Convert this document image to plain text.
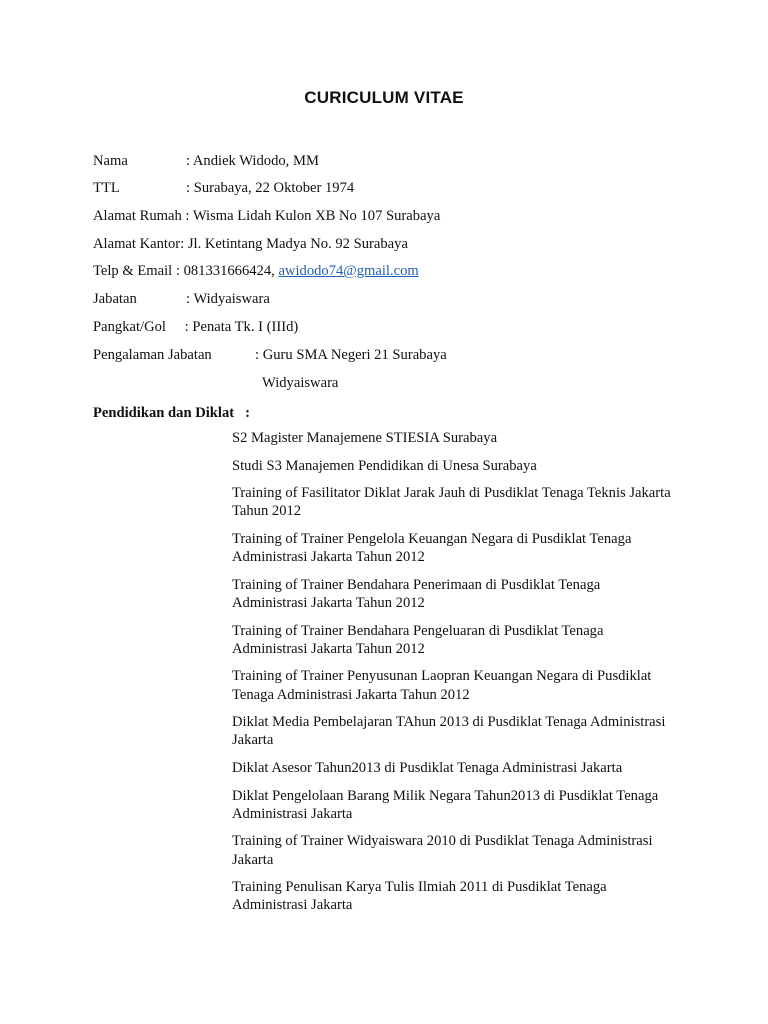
CURICULUM VITAE
Nama	: Andiek Widodo, MM
TTL	: Surabaya, 22 Oktober 1974
Alamat Rumah : Wisma Lidah Kulon XB No 107 Surabaya
Alamat Kantor: Jl. Ketintang Madya No. 92 Surabaya
Telp & Email : 081331666424, awidodo74@gmail.com
Jabatan	: Widyaiswara
Pangkat/Gol : Penata Tk. I (IIId)
Pengalaman Jabatan	: Guru SMA Negeri 21 Surabaya
Widyaiswara
Pendidikan dan Diklat   :
S2 Magister Manajemene STIESIA Surabaya
Studi S3 Manajemen Pendidikan di Unesa Surabaya
Training of Fasilitator Diklat Jarak Jauh di Pusdiklat Tenaga Teknis Jakarta Tahun 2012
Training of Trainer Pengelola Keuangan Negara di Pusdiklat Tenaga Administrasi Jakarta Tahun 2012
Training of Trainer Bendahara Penerimaan di Pusdiklat Tenaga Administrasi Jakarta Tahun 2012
Training of Trainer Bendahara Pengeluaran di Pusdiklat Tenaga Administrasi Jakarta Tahun 2012
Training of Trainer Penyusunan Laopran Keuangan Negara di Pusdiklat Tenaga Administrasi Jakarta Tahun 2012
Diklat Media Pembelajaran TAhun 2013 di Pusdiklat Tenaga Administrasi Jakarta
Diklat Asesor Tahun2013 di Pusdiklat Tenaga Administrasi Jakarta
Diklat Pengelolaan Barang Milik Negara Tahun2013 di Pusdiklat Tenaga Administrasi Jakarta
Training of Trainer Widyaiswara 2010 di Pusdiklat Tenaga Administrasi Jakarta
Training Penulisan Karya Tulis Ilmiah 2011 di Pusdiklat Tenaga Administrasi Jakarta
